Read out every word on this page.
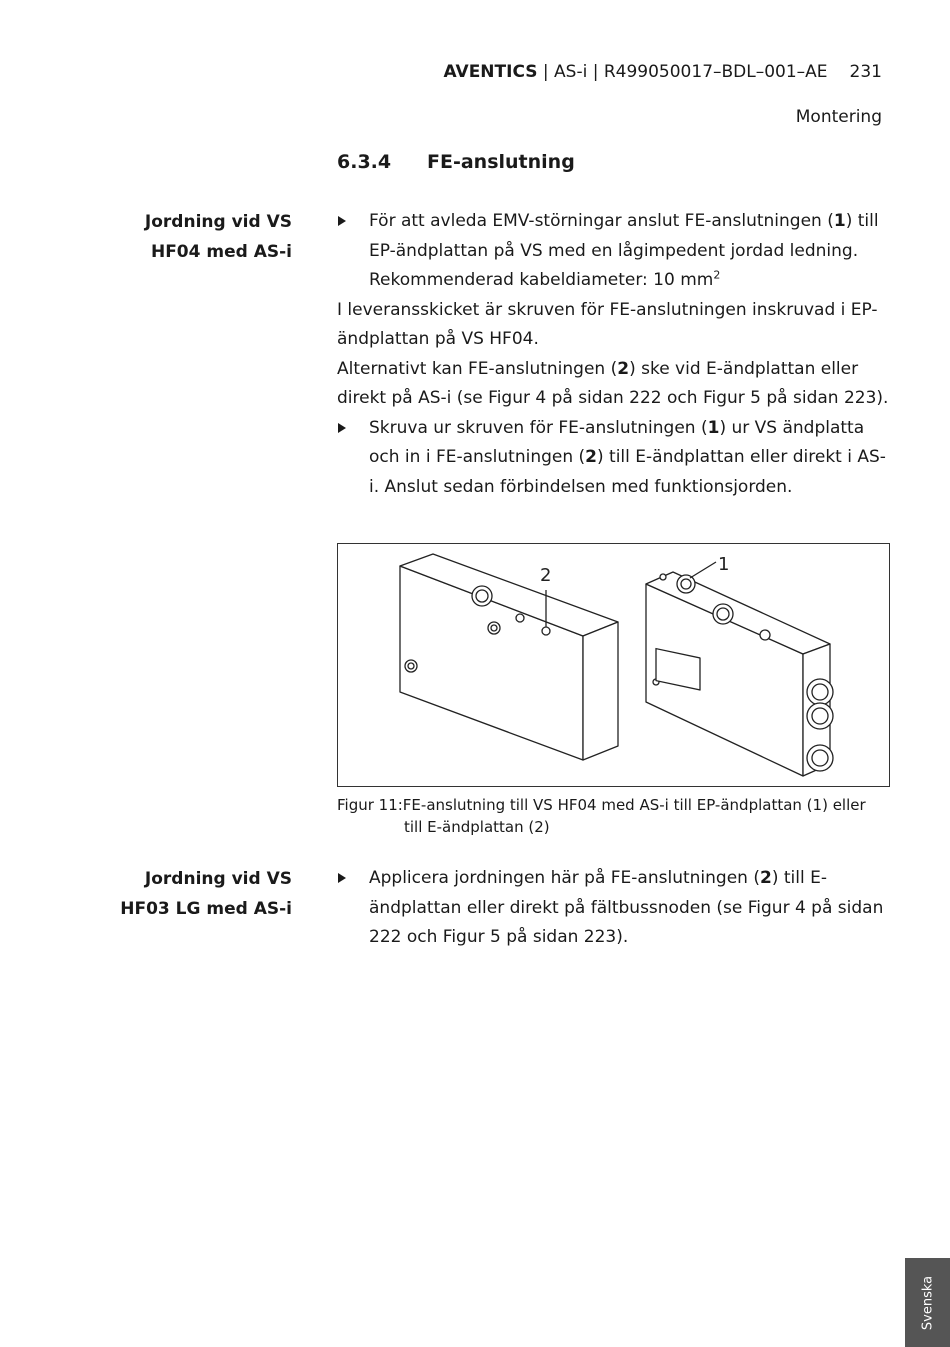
AVENTICS | AS-i | R499050017–BDL–001–AE 231
Montering
6.3.4 FE-anslutning
Jordning vid VS
HF04 med AS-i
För att avleda EMV-störningar anslut FE-anslutningen (1) till EP-ändplattan på VS med en lågimpedent jordad ledning. Rekommenderad kabeldiameter: 10 $mm^2$

I leveransskicket är skruven för FE-anslutningen inskruvad i EP-ändplattan på VS HF04.

Alternativt kan FE-anslutningen (2) ske vid E-ändplattan eller direkt på AS-i (se Figur 4 på sidan 222 och Figur 5 på sidan 223).

Skruva ur skruven för FE-anslutningen (1) ur VS ändplatta och in i FE-anslutningen (2) till E-ändplattan eller direkt i AS-i. Anslut sedan förbindelsen med funktionsjorden.
2
1
Figur 11:FE-anslutning till VS HF04 med AS-i till EP-ändplattan (1) eller
till E-ändplattan (2)
Jordning vid VS
HF03 LG med AS-i
Applicera jordningen här på FE-anslutningen (2) till E-ändplattan eller direkt på fältbussnoden (se Figur 4 på sidan 222 och Figur 5 på sidan 223).
Svenska
